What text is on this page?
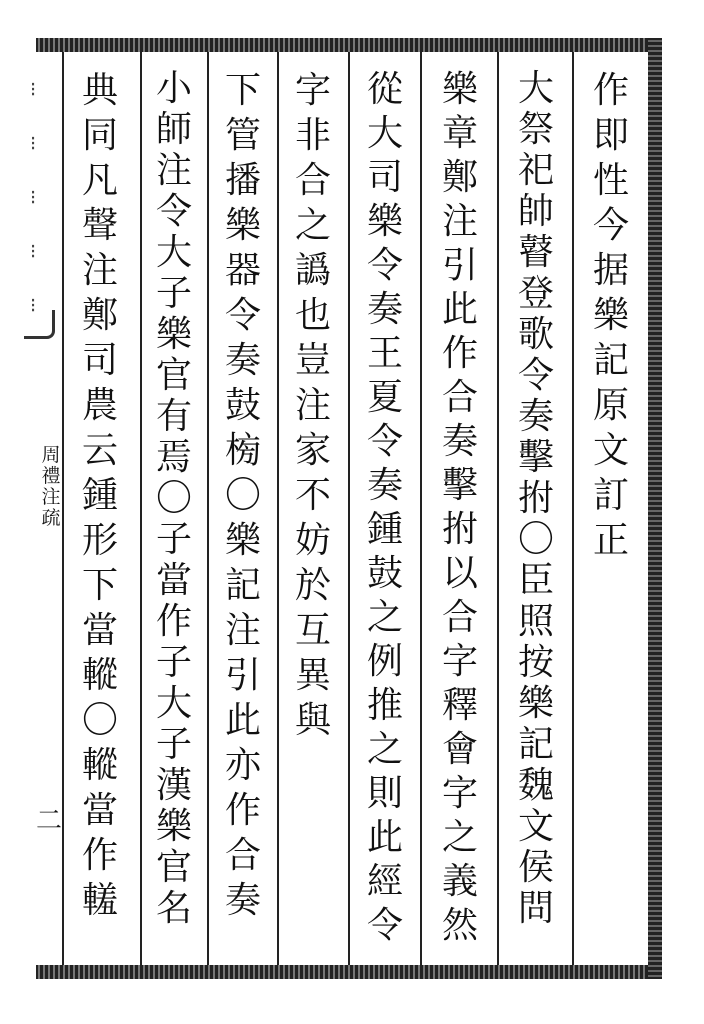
⁝
⁝
⁝
⁝
⁝
周
禮
注
疏
二
作
即
性
今
据
樂
記
原
文
訂
正
大
祭
祀
帥
瞽
登
歌
令
奏
擊
拊
〇
臣
照
按
樂
記
魏
文
侯
問
樂
章
鄭
注
引
此
作
合
奏
擊
拊
以
合
字
釋
會
字
之
義
然
從
大
司
樂
令
奏
王
夏
令
奏
鍾
鼓
之
例
推
之
則
此
經
令
字
非
合
之
譌
也
豈
注
家
不
妨
於
互
異
與
下
管
播
樂
器
令
奏
鼓
㮄
〇
樂
記
注
引
此
亦
作
合
奏
小
師
注
令
大
子
樂
官
有
焉
〇
子
當
作
子
大
子
漢
樂
官
名
典
同
凡
聲
注
鄭
司
農
云
鍾
形
下
當
䡮
〇
䡮
當
作
䡭
